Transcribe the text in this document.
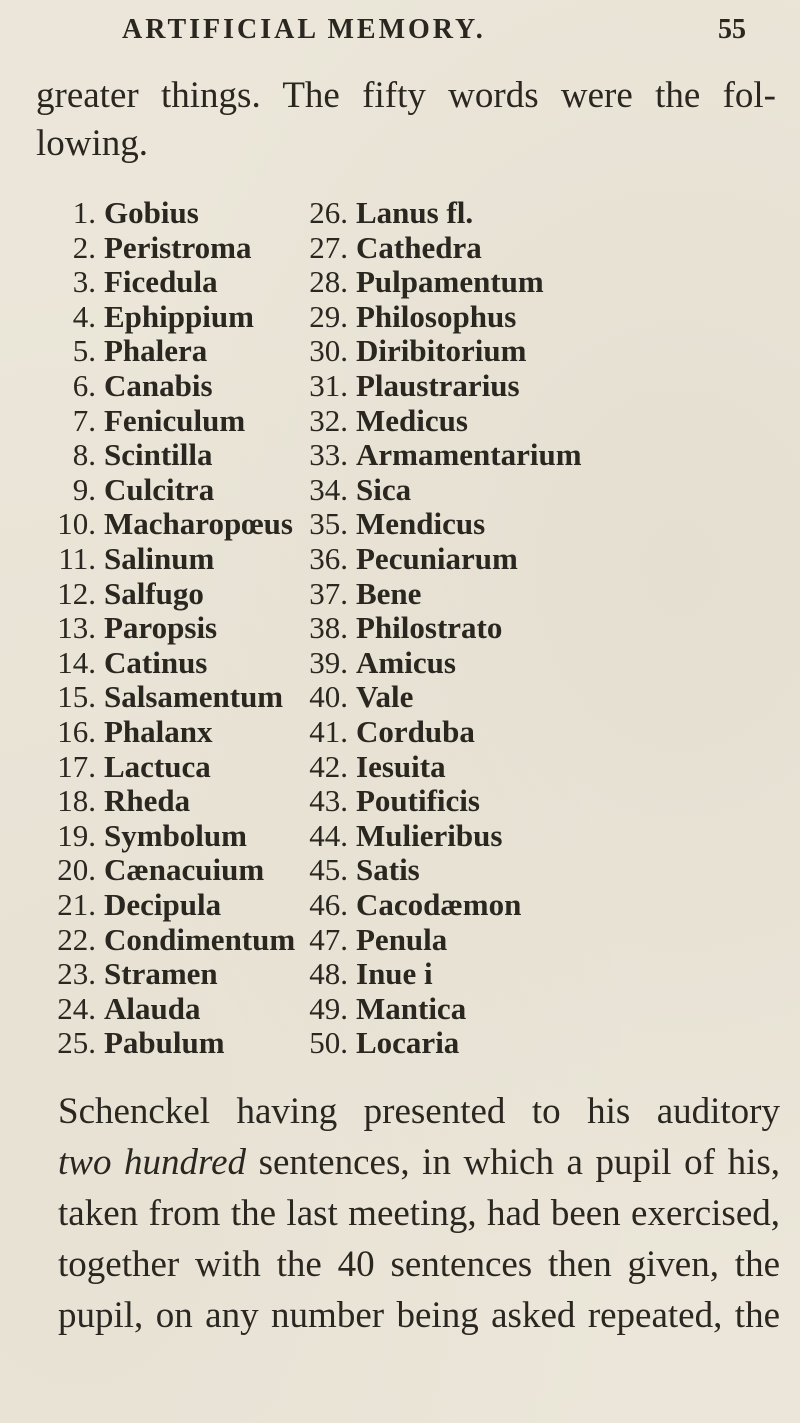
ARTIFICIAL MEMORY.	55
greater things. The fifty words were the fol-lowing.
1. Gobius	26. Lanus fl.
2. Peristroma	27. Cathedra
3. Ficedula	28. Pulpamentum
4. Ephippium	29. Philosophus
5. Phalera	30. Diribitorium
6. Canabis	31. Plaustrarius
7. Feniculum	32. Medicus
8. Scintilla	33. Armamentarium
9. Culcitra	34. Sica
10. Macharopœus 35. Mendicus
11. Salinum	36. Pecuniarum
12. Salfugo	37. Bene
13. Paropsis	38. Philostrato
14. Catinus	39. Amicus
15. Salsamentum 40. Vale
16. Phalanx	41. Corduba
17. Lactuca	42. Iesuita
18. Rheda	43. Poutificis
19. Symbolum	44. Mulieribus
20. Cænacuium	45. Satis
21. Decipula	46. Cacodæmon
22. Condimentum 47. Penula
23. Stramen	48. Inue i
24. Alauda	49. Mantica
25. Pabulum	50. Locaria
Schenckel having presented to his auditory
two hundred sentences, in which a pupil of his,
taken from the last meeting, had been exercised,
together with the 40 sentences then given, the
pupil, on any number being asked repeated, the
